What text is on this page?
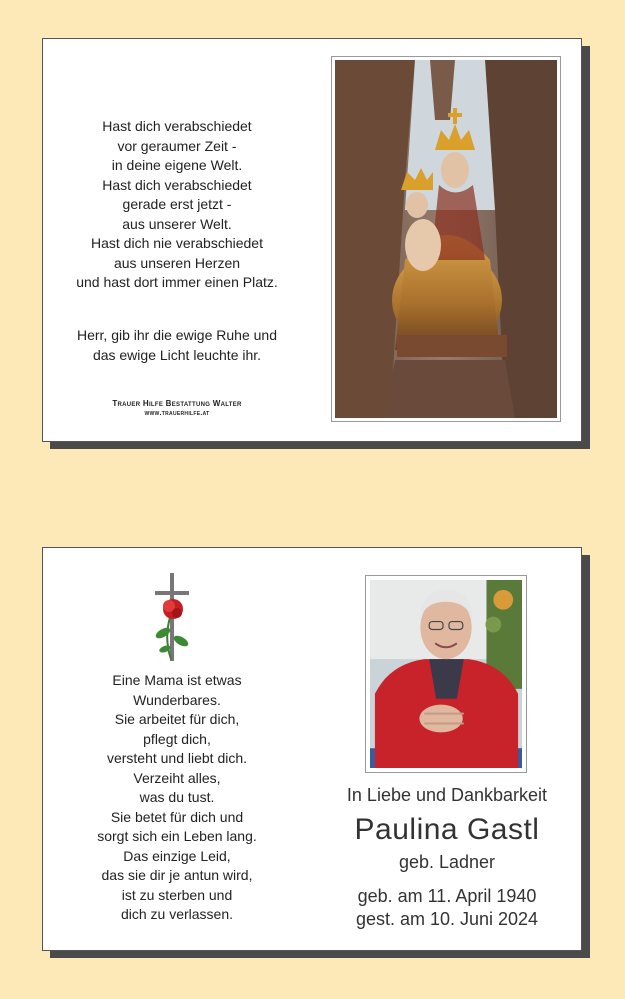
Hast dich verabschiedet
vor geraumer Zeit -
in deine eigene Welt.
Hast dich verabschiedet
gerade erst jetzt -
aus unserer Welt.
Hast dich nie verabschiedet
aus unseren Herzen
und hast dort immer einen Platz.
Herr, gib ihr die ewige Ruhe und
das ewige Licht leuchte ihr.
Trauer Hilfe Bestattung Walter
www.trauerhilfe.at
Eine Mama ist etwas
Wunderbares.
Sie arbeitet für dich,
pflegt dich,
versteht und liebt dich.
Verzeiht alles,
was du tust.
Sie betet für dich und
sorgt sich ein Leben lang.
Das einzige Leid,
das sie dir je antun wird,
ist zu sterben und
dich zu verlassen.
In Liebe und Dankbarkeit
Paulina Gastl
geb. Ladner
geb. am 11. April 1940
gest. am 10. Juni 2024
